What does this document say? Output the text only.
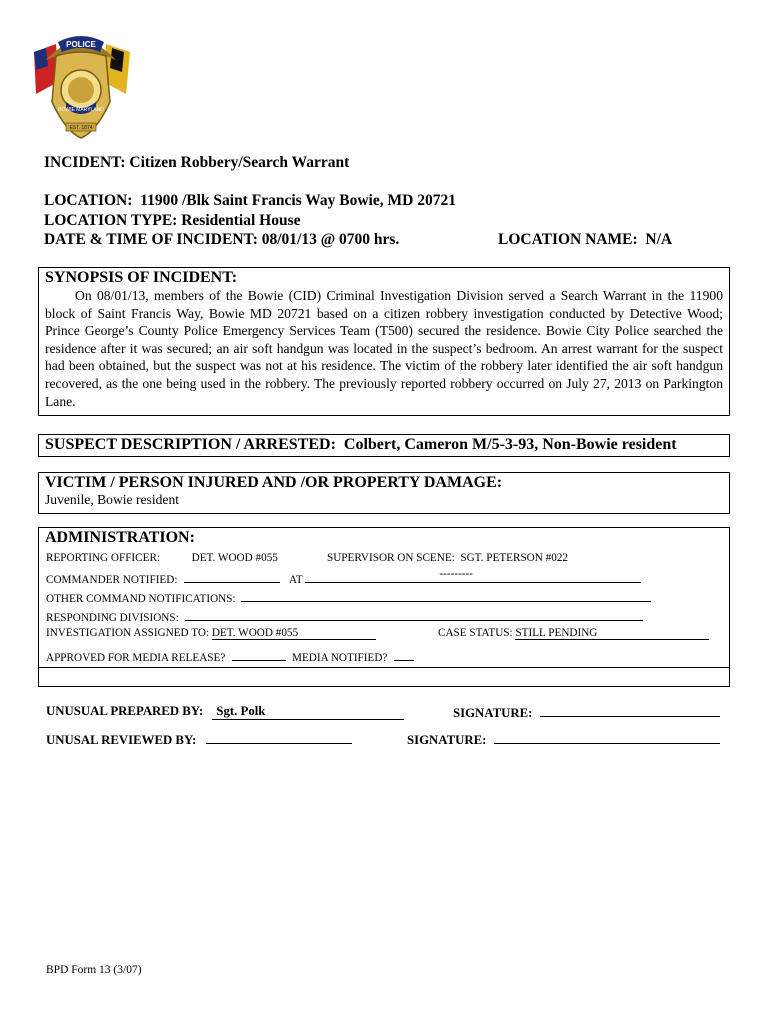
POLICE
BOWIE MARYLAND
EST. 1874
INCIDENT: Citizen Robbery/Search Warrant
LOCATION: 11900 /Blk Saint Francis Way Bowie, MD 20721
LOCATION TYPE: Residential House
DATE & TIME OF INCIDENT: 08/01/13 @ 0700 hrs.	LOCATION NAME: N/A
SYNOPSIS OF INCIDENT:
On 08/01/13, members of the Bowie (CID) Criminal Investigation Division served a Search Warrant in the 11900 block of Saint Francis Way, Bowie MD 20721 based on a citizen robbery investigation conducted by Detective Wood; Prince George’s County Police Emergency Services Team (T500) secured the residence. Bowie City Police searched the residence after it was secured; an air soft handgun was located in the suspect’s bedroom. An arrest warrant for the suspect had been obtained, but the suspect was not at his residence. The victim of the robbery later identified the air soft handgun recovered, as the one being used in the robbery. The previously reported robbery occurred on July 27, 2013 on Parkington Lane.
SUSPECT DESCRIPTION / ARRESTED: Colbert, Cameron M/5-3-93, Non-Bowie resident
VICTIM / PERSON INJURED AND /OR PROPERTY DAMAGE:
Juvenile, Bowie resident
ADMINISTRATION:
REPORTING OFFICER:	DET. WOOD #055	SUPERVISOR ON SCENE: SGT. PETERSON #022
COMMANDER NOTIFIED:	AT	---------
OTHER COMMAND NOTIFICATIONS:
RESPONDING DIVISIONS:
INVESTIGATION ASSIGNED TO: DET. WOOD #055	CASE STATUS: STILL PENDING
APPROVED FOR MEDIA RELEASE?	MEDIA NOTIFIED?
UNUSUAL PREPARED BY: Sgt. Polk	SIGNATURE:
UNUSAL REVIEWED BY:	SIGNATURE:
BPD Form 13 (3/07)
